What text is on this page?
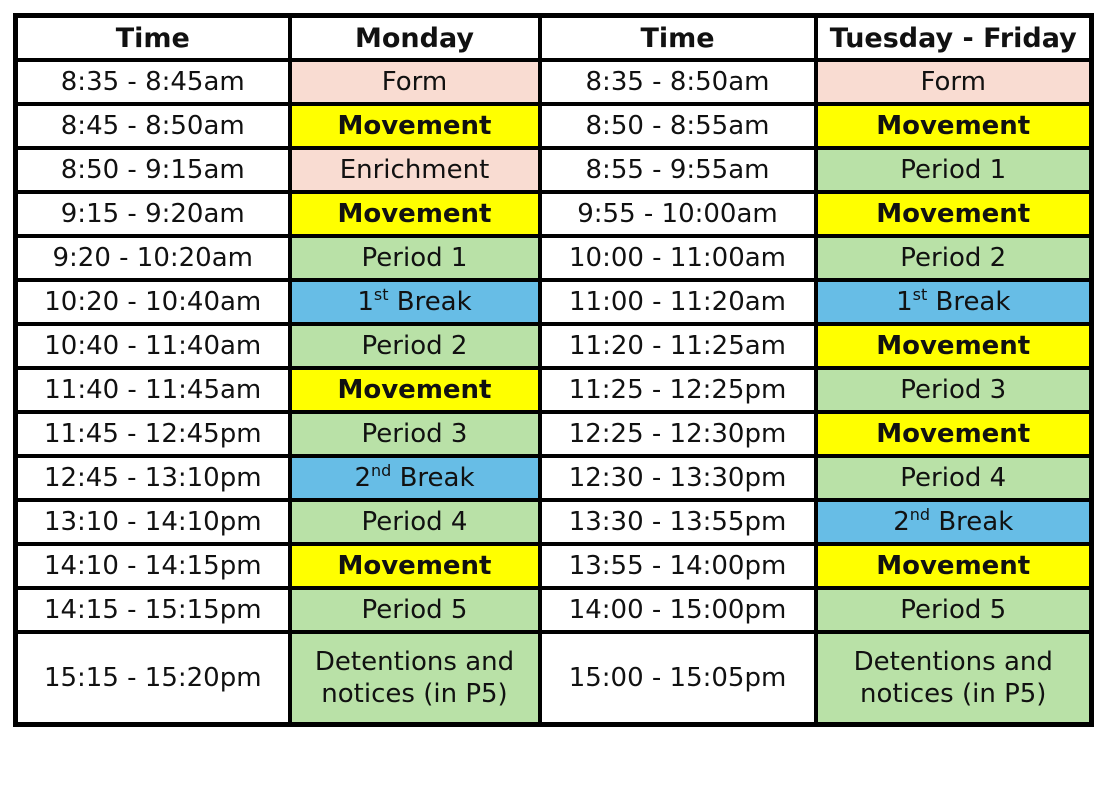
Time	Monday	Time	Tuesday - Friday
8:35 - 8:45am	Form	8:35 - 8:50am	Form
8:45 - 8:50am	Movement	8:50 - 8:55am	Movement
8:50 - 9:15am	Enrichment	8:55 - 9:55am	Period 1
9:15 - 9:20am	Movement	9:55 - 10:00am	Movement
9:20 - 10:20am	Period 1	10:00 - 11:00am	Period 2
10:20 - 10:40am	1st Break	11:00 - 11:20am	1st Break
10:40 - 11:40am	Period 2	11:20 - 11:25am	Movement
11:40 - 11:45am	Movement	11:25 - 12:25pm	Period 3
11:45 - 12:45pm	Period 3	12:25 - 12:30pm	Movement
12:45 - 13:10pm	2nd Break	12:30 - 13:30pm	Period 4
13:10 - 14:10pm	Period 4	13:30 - 13:55pm	2nd Break
14:10 - 14:15pm	Movement	13:55 - 14:00pm	Movement
14:15 - 15:15pm	Period 5	14:00 - 15:00pm	Period 5
15:15 - 15:20pm	Detentions and notices (in P5)	15:00 - 15:05pm	Detentions and notices (in P5)
